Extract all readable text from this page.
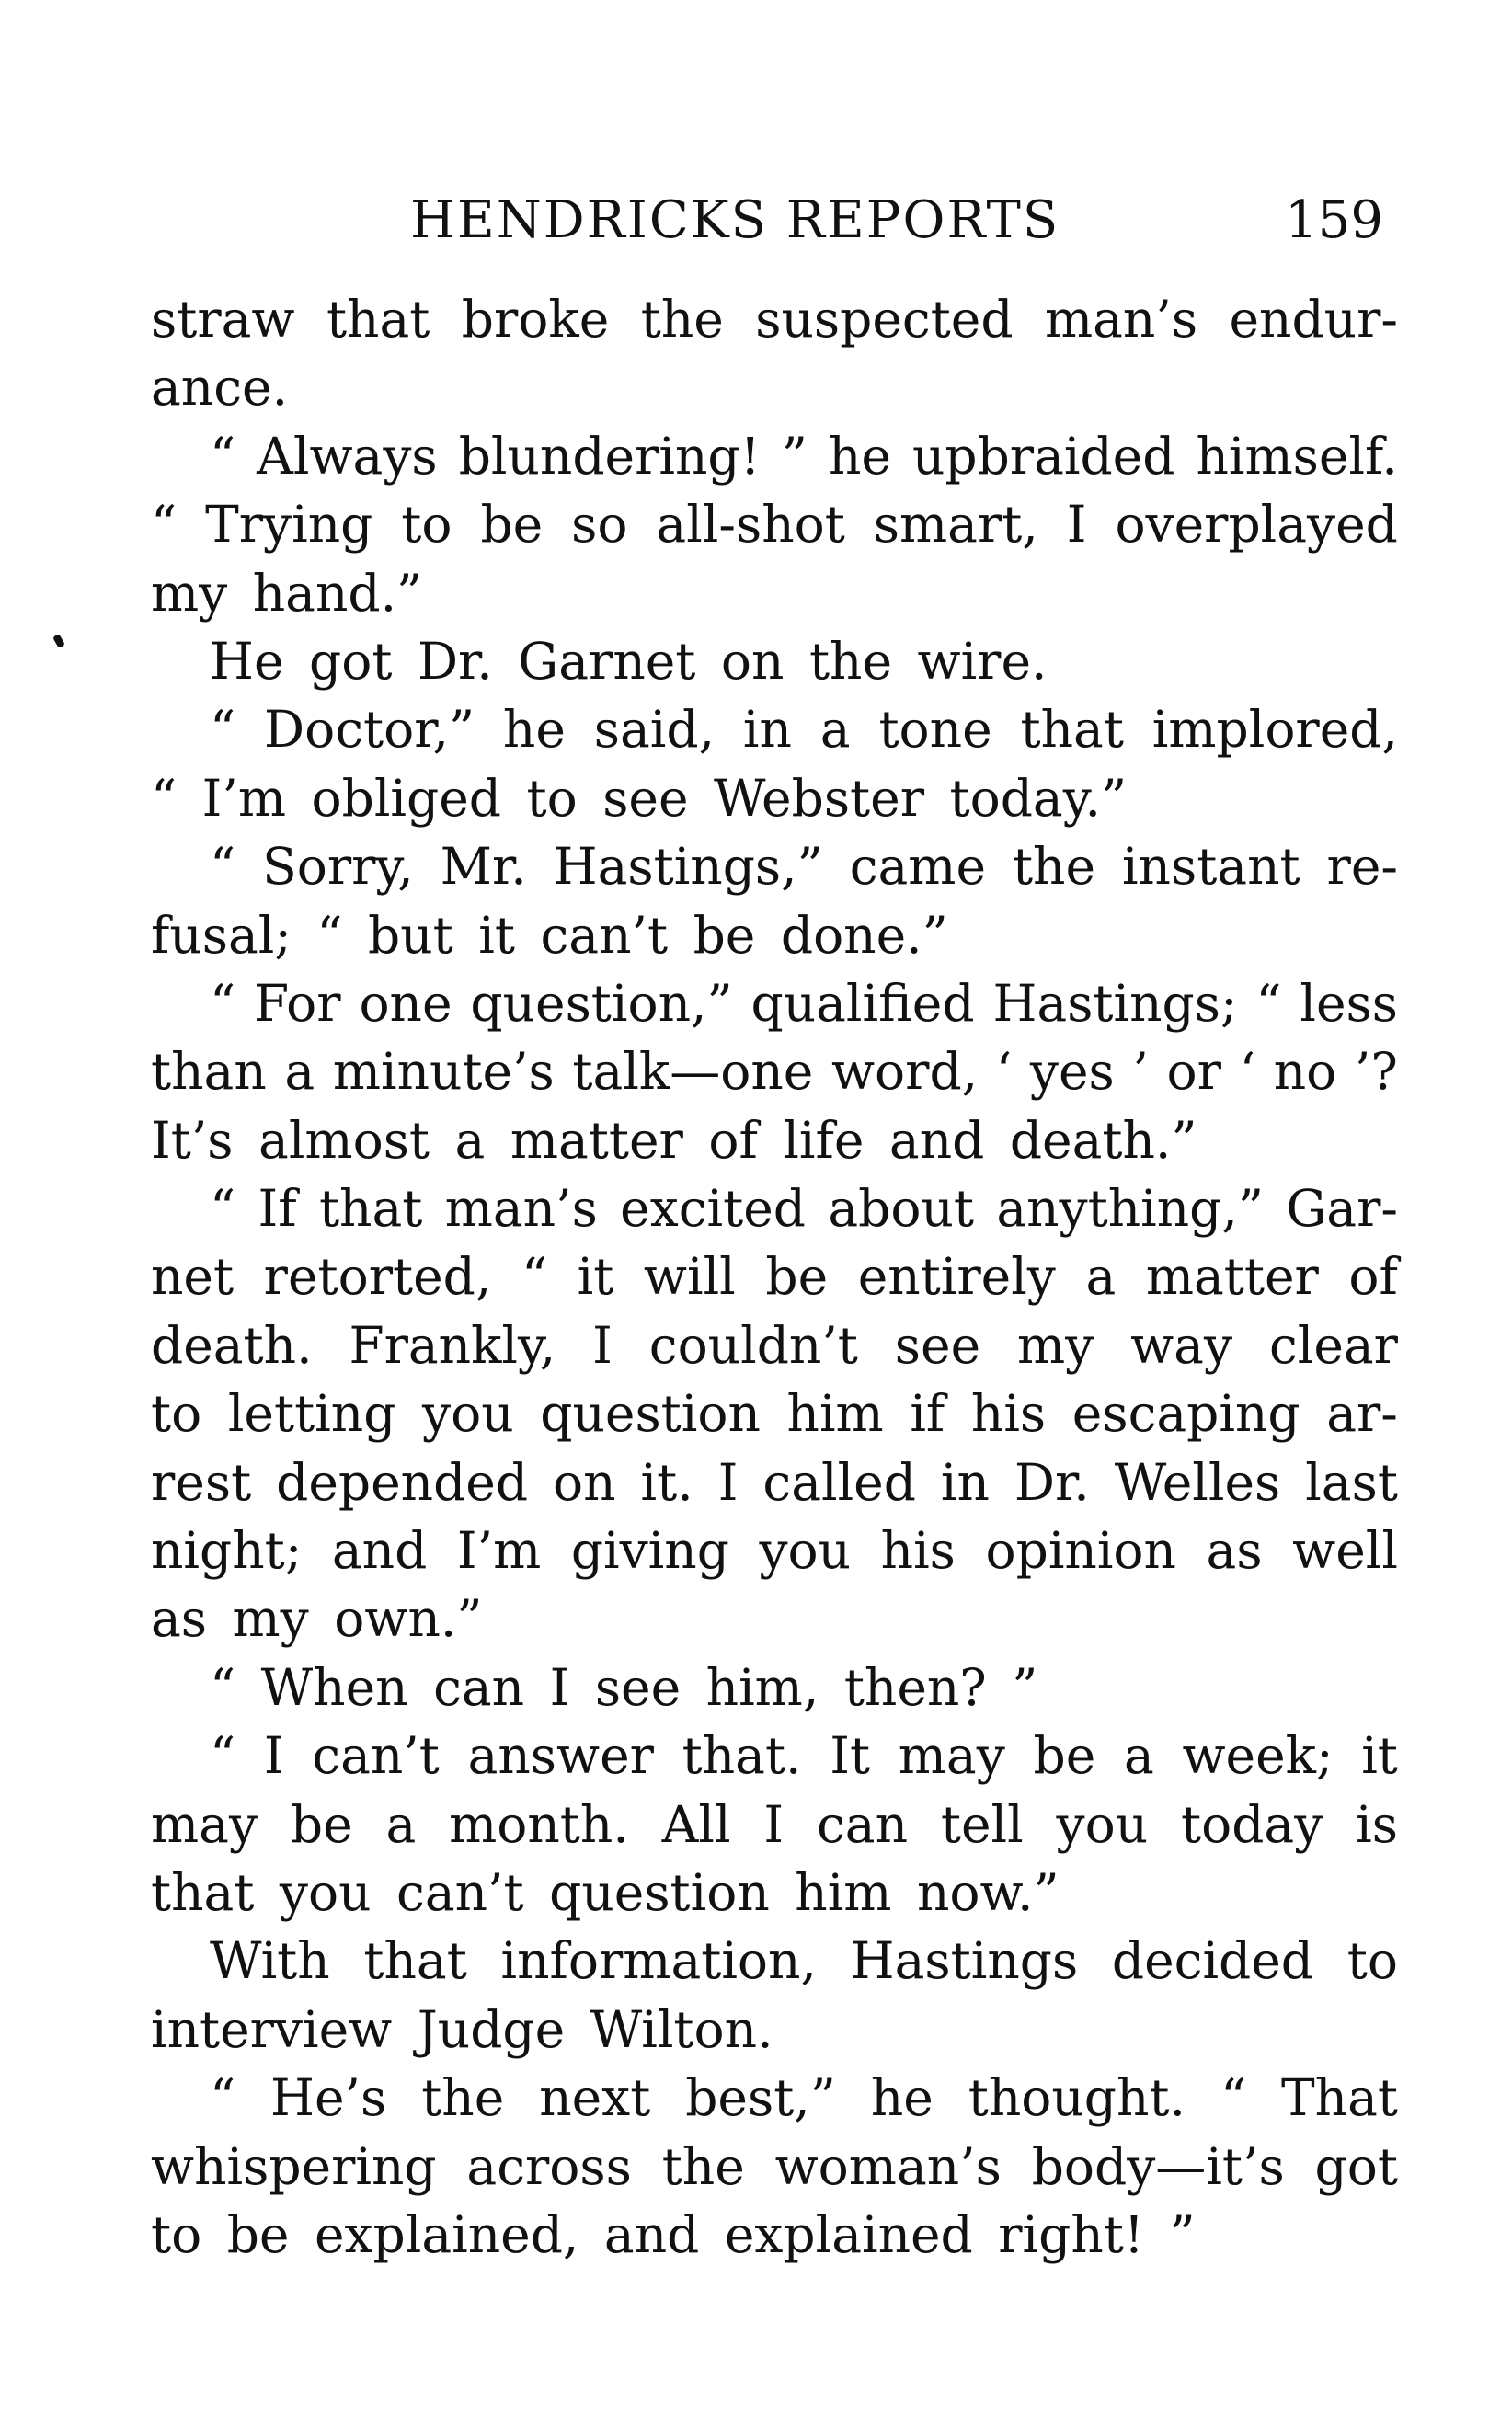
HENDRICKS REPORTS	159
straw that broke the suspected man’s endur-
ance.
“ Always blundering! ” he upbraided himself.
“ Trying to be so all-shot smart, I overplayed
my hand.”
He got Dr. Garnet on the wire.
“ Doctor,” he said, in a tone that implored,
“ I’m obliged to see Webster today.”
“ Sorry, Mr. Hastings,” came the instant re-
fusal; “ but it can’t be done.”
“ For one question,” qualified Hastings; “ less
than a minute’s talk—one word, ‘ yes ’ or ‘ no ’?
It’s almost a matter of life and death.”
“ If that man’s excited about anything,” Gar-
net retorted, “ it will be entirely a matter of
death. Frankly, I couldn’t see my way clear
to letting you question him if his escaping ar-
rest depended on it. I called in Dr. Welles last
night; and I’m giving you his opinion as well
as my own.”
“ When can I see him, then? ”
“ I can’t answer that. It may be a week; it
may be a month. All I can tell you today is
that you can’t question him now.”
With that information, Hastings decided to
interview Judge Wilton.
“ He’s the next best,” he thought. “ That
whispering across the woman’s body—it’s got
to be explained, and explained right! ”
